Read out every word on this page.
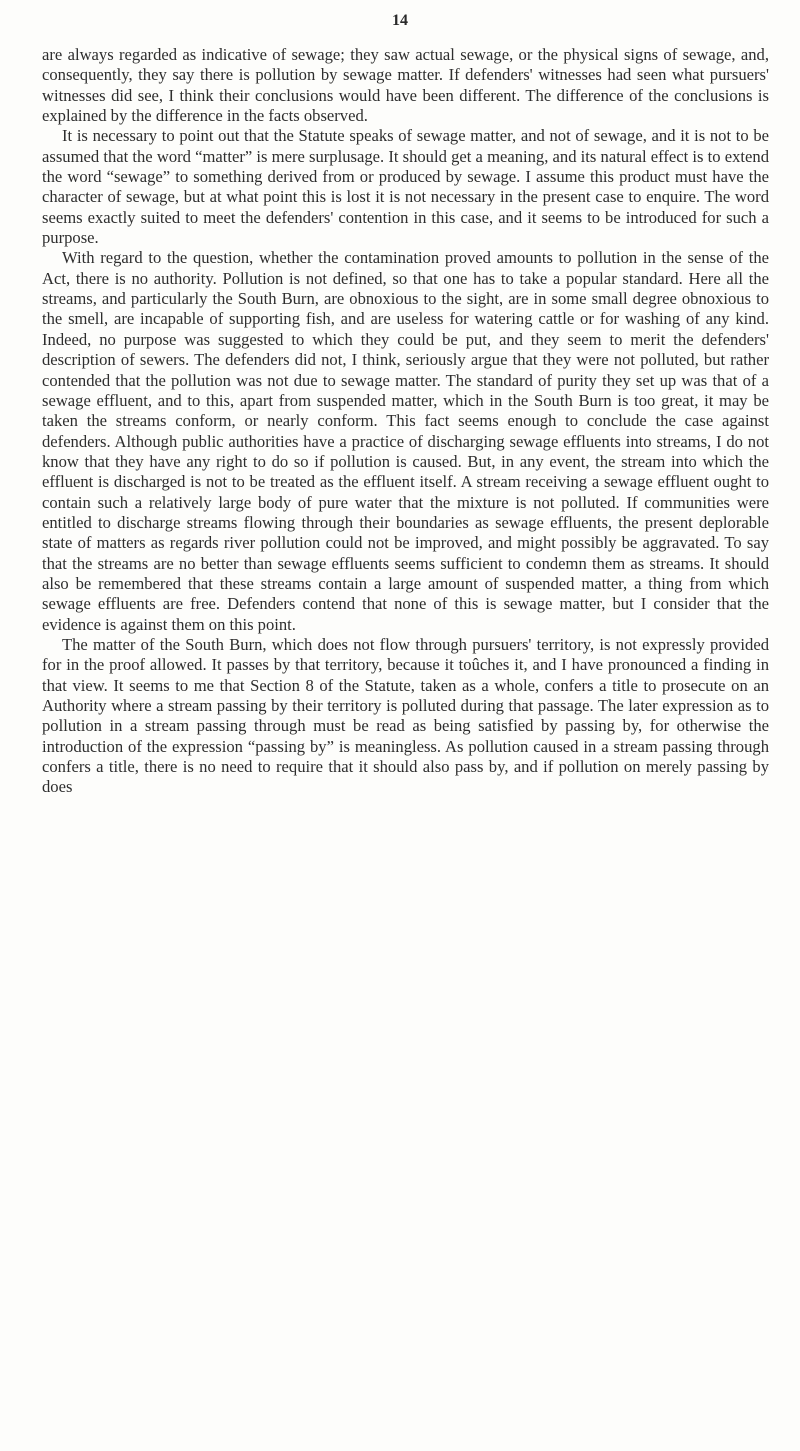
14

are always regarded as indicative of sewage; they saw actual sewage, or the physical signs of sewage, and, consequently, they say there is pollution by sewage matter. If defenders' witnesses had seen what pursuers' witnesses did see, I think their conclusions would have been different. The difference of the conclusions is explained by the difference in the facts observed.

It is necessary to point out that the Statute speaks of sewage matter, and not of sewage, and it is not to be assumed that the word “matter” is mere surplusage. It should get a meaning, and its natural effect is to extend the word “sewage” to something derived from or produced by sewage. I assume this product must have the character of sewage, but at what point this is lost it is not necessary in the present case to enquire. The word seems exactly suited to meet the defenders' contention in this case, and it seems to be introduced for such a purpose.

With regard to the question, whether the contamination proved amounts to pollution in the sense of the Act, there is no authority. Pollution is not defined, so that one has to take a popular standard. Here all the streams, and particularly the South Burn, are obnoxious to the sight, are in some small degree obnoxious to the smell, are incapable of supporting fish, and are useless for watering cattle or for washing of any kind. Indeed, no purpose was suggested to which they could be put, and they seem to merit the defenders' description of sewers. The defenders did not, I think, seriously argue that they were not polluted, but rather contended that the pollution was not due to sewage matter. The standard of purity they set up was that of a sewage effluent, and to this, apart from suspended matter, which in the South Burn is too great, it may be taken the streams conform, or nearly conform. This fact seems enough to conclude the case against defenders. Although public authorities have a practice of discharging sewage effluents into streams, I do not know that they have any right to do so if pollution is caused. But, in any event, the stream into which the effluent is discharged is not to be treated as the effluent itself. A stream receiving a sewage effluent ought to contain such a relatively large body of pure water that the mixture is not polluted. If communities were entitled to discharge streams flowing through their boundaries as sewage effluents, the present deplorable state of matters as regards river pollution could not be improved, and might possibly be aggravated. To say that the streams are no better than sewage effluents seems sufficient to condemn them as streams. It should also be remembered that these streams contain a large amount of suspended matter, a thing from which sewage effluents are free. Defenders contend that none of this is sewage matter, but I consider that the evidence is against them on this point.

The matter of the South Burn, which does not flow through pursuers' territory, is not expressly provided for in the proof allowed. It passes by that territory, because it toûches it, and I have pronounced a finding in that view. It seems to me that Section 8 of the Statute, taken as a whole, confers a title to prosecute on an Authority where a stream passing by their territory is polluted during that passage. The later expression as to pollution in a stream passing through must be read as being satisfied by passing by, for otherwise the introduction of the expression “passing by” is meaningless. As pollution caused in a stream passing through confers a title, there is no need to require that it should also pass by, and if pollution on merely passing by does
